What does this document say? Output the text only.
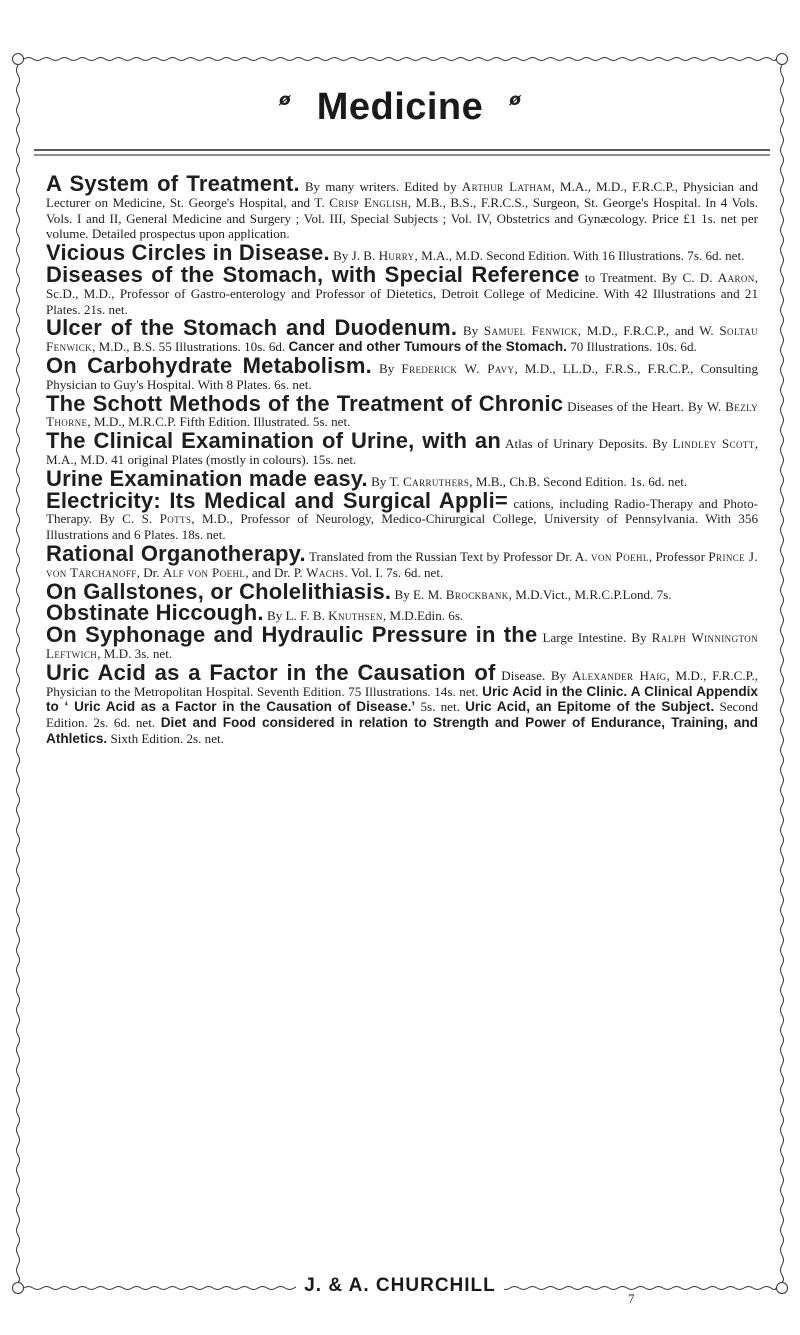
ø Medicine ø
A System of Treatment. By many writers. Edited by Arthur Latham, M.A., M.D., F.R.C.P., Physician and Lecturer on Medicine, St. George's Hospital, and T. Crisp English, M.B., B.S., F.R.C.S., Surgeon, St. George's Hospital. In 4 Vols. Vols. I and II, General Medicine and Surgery ; Vol. III, Special Subjects ; Vol. IV, Obstetrics and Gynæcology. Price £1 1s. net per volume. Detailed prospectus upon application.
Vicious Circles in Disease. By J. B. Hurry, M.A., M.D. Second Edition. With 16 Illustrations. 7s. 6d. net.
Diseases of the Stomach, with Special Reference to Treatment. By C. D. Aaron, Sc.D., M.D., Professor of Gastro-enterology and Professor of Dietetics, Detroit College of Medicine. With 42 Illustrations and 21 Plates. 21s. net.
Ulcer of the Stomach and Duodenum. By Samuel Fenwick, M.D., F.R.C.P., and W. Soltau Fenwick, M.D., B.S. 55 Illustrations. 10s. 6d. Cancer and other Tumours of the Stomach. 70 Illustrations. 10s. 6d.
On Carbohydrate Metabolism. By Frederick W. Pavy, M.D., LL.D., F.R.S., F.R.C.P., Consulting Physician to Guy's Hospital. With 8 Plates. 6s. net.
The Schott Methods of the Treatment of Chronic Diseases of the Heart. By W. Bezly Thorne, M.D., M.R.C.P. Fifth Edition. Illustrated. 5s. net.
The Clinical Examination of Urine, with an Atlas of Urinary Deposits. By Lindley Scott, M.A., M.D. 41 original Plates (mostly in colours). 15s. net.
Urine Examination made easy. By T. Carruthers, M.B., Ch.B. Second Edition. 1s. 6d. net.
Electricity: Its Medical and Surgical Appli= cations, including Radio-Therapy and Photo-Therapy. By C. S. Potts, M.D., Professor of Neurology, Medico-Chirurgical College, University of Pennsylvania. With 356 Illustrations and 6 Plates. 18s. net.
Rational Organotherapy. Translated from the Russian Text by Professor Dr. A. von Poehl, Professor Prince J. von Tarchanoff, Dr. Alf von Poehl, and Dr. P. Wachs. Vol. I. 7s. 6d. net.
On Gallstones, or Cholelithiasis. By E. M. Brockbank, M.D.Vict., M.R.C.P.Lond. 7s.
Obstinate Hiccough. By L. F. B. Knuthsen, M.D.Edin. 6s.
On Syphonage and Hydraulic Pressure in the Large Intestine. By Ralph Winnington Leftwich, M.D. 3s. net.
Uric Acid as a Factor in the Causation of Disease. By Alexander Haig, M.D., F.R.C.P., Physician to the Metropolitan Hospital. Seventh Edition. 75 Illustrations. 14s. net. Uric Acid in the Clinic. A Clinical Appendix to ‘ Uric Acid as a Factor in the Causation of Disease.’ 5s. net. Uric Acid, an Epitome of the Subject. Second Edition. 2s. 6d. net. Diet and Food considered in relation to Strength and Power of Endurance, Training, and Athletics. Sixth Edition. 2s. net.
J. & A. CHURCHILL
7
